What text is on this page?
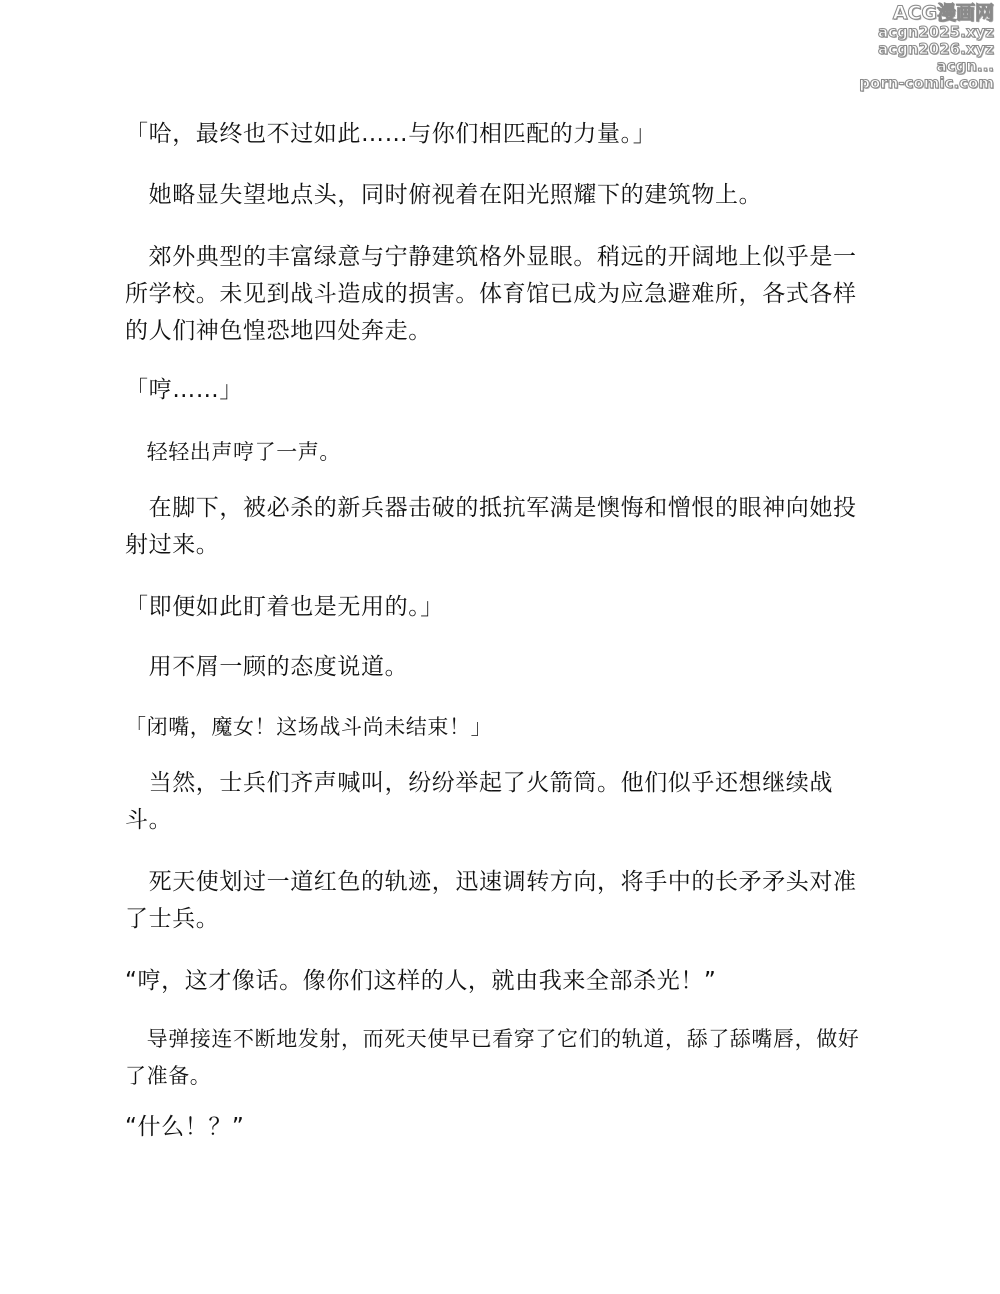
ACG漫画网
acgn2025.xyz
acgn2026.xyz
acgn...
porn-comic.com
「哈，最终也不过如此……与你们相匹配的力量。」
　她略显失望地点头，同时俯视着在阳光照耀下的建筑物上。
　郊外典型的丰富绿意与宁静建筑格外显眼。稍远的开阔地上似乎是一所学校。未见到战斗造成的损害。体育馆已成为应急避难所，各式各样的人们神色惶恐地四处奔走。
「哼……」
　轻轻出声哼了一声。
　在脚下，被必杀的新兵器击破的抵抗军满是懊悔和憎恨的眼神向她投射过来。
「即便如此盯着也是无用的。」
　用不屑一顾的态度说道。
「闭嘴，魔女！这场战斗尚未结束！」
　当然，士兵们齐声喊叫，纷纷举起了火箭筒。他们似乎还想继续战斗。
　死天使划过一道红色的轨迹，迅速调转方向，将手中的长矛矛头对准了士兵。
“哼，这才像话。像你们这样的人，就由我来全部杀光！”
　导弹接连不断地发射，而死天使早已看穿了它们的轨道，舔了舔嘴唇，做好了准备。
“什么！？”
